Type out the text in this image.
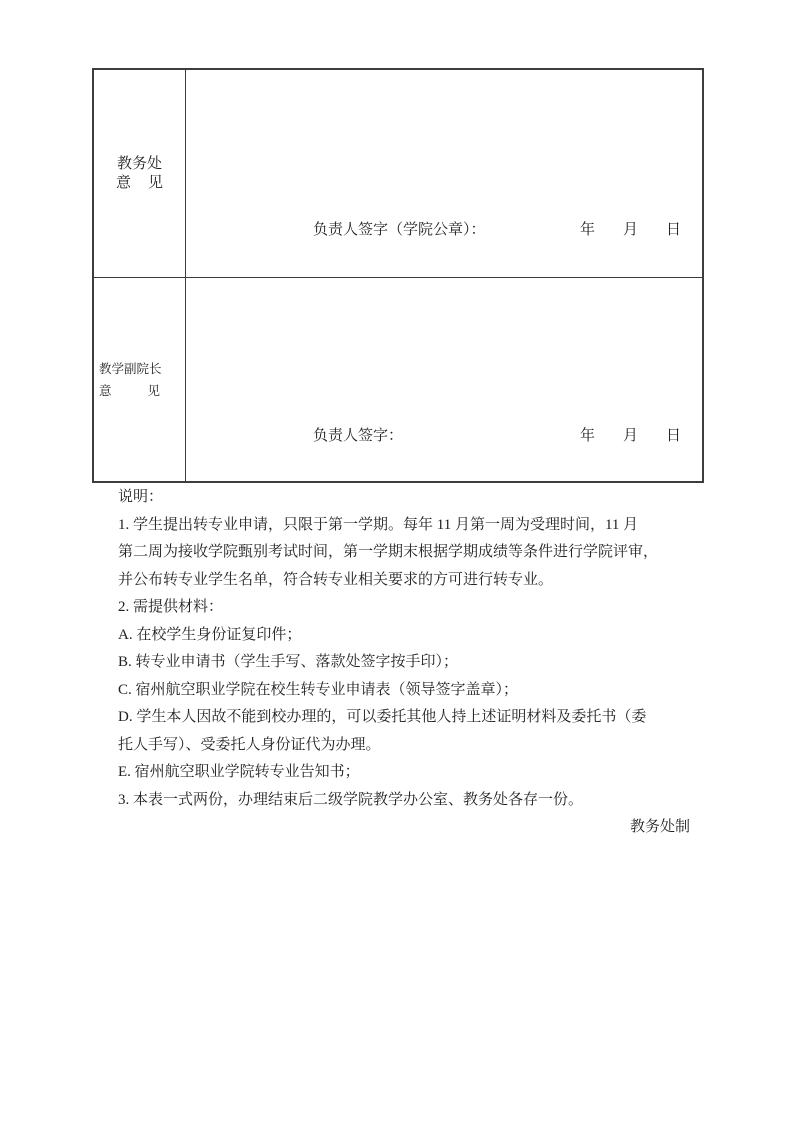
教务处
意 见
负责人签字（学院公章）：	年 月 日
教学副院长
意	见
负责人签字：	年 月 日
说明：
1. 学生提出转专业申请，只限于第一学期。每年 11 月第一周为受理时间，11 月
第二周为接收学院甄别考试时间，第一学期末根据学期成绩等条件进行学院评审，
并公布转专业学生名单，符合转专业相关要求的方可进行转专业。
2. 需提供材料：
A. 在校学生身份证复印件；
B. 转专业申请书（学生手写、落款处签字按手印）；
C. 宿州航空职业学院在校生转专业申请表（领导签字盖章）；
D. 学生本人因故不能到校办理的，可以委托其他人持上述证明材料及委托书（委
托人手写）、受委托人身份证代为办理。
E. 宿州航空职业学院转专业告知书；
3. 本表一式两份，办理结束后二级学院教学办公室、教务处各存一份。
教务处制
